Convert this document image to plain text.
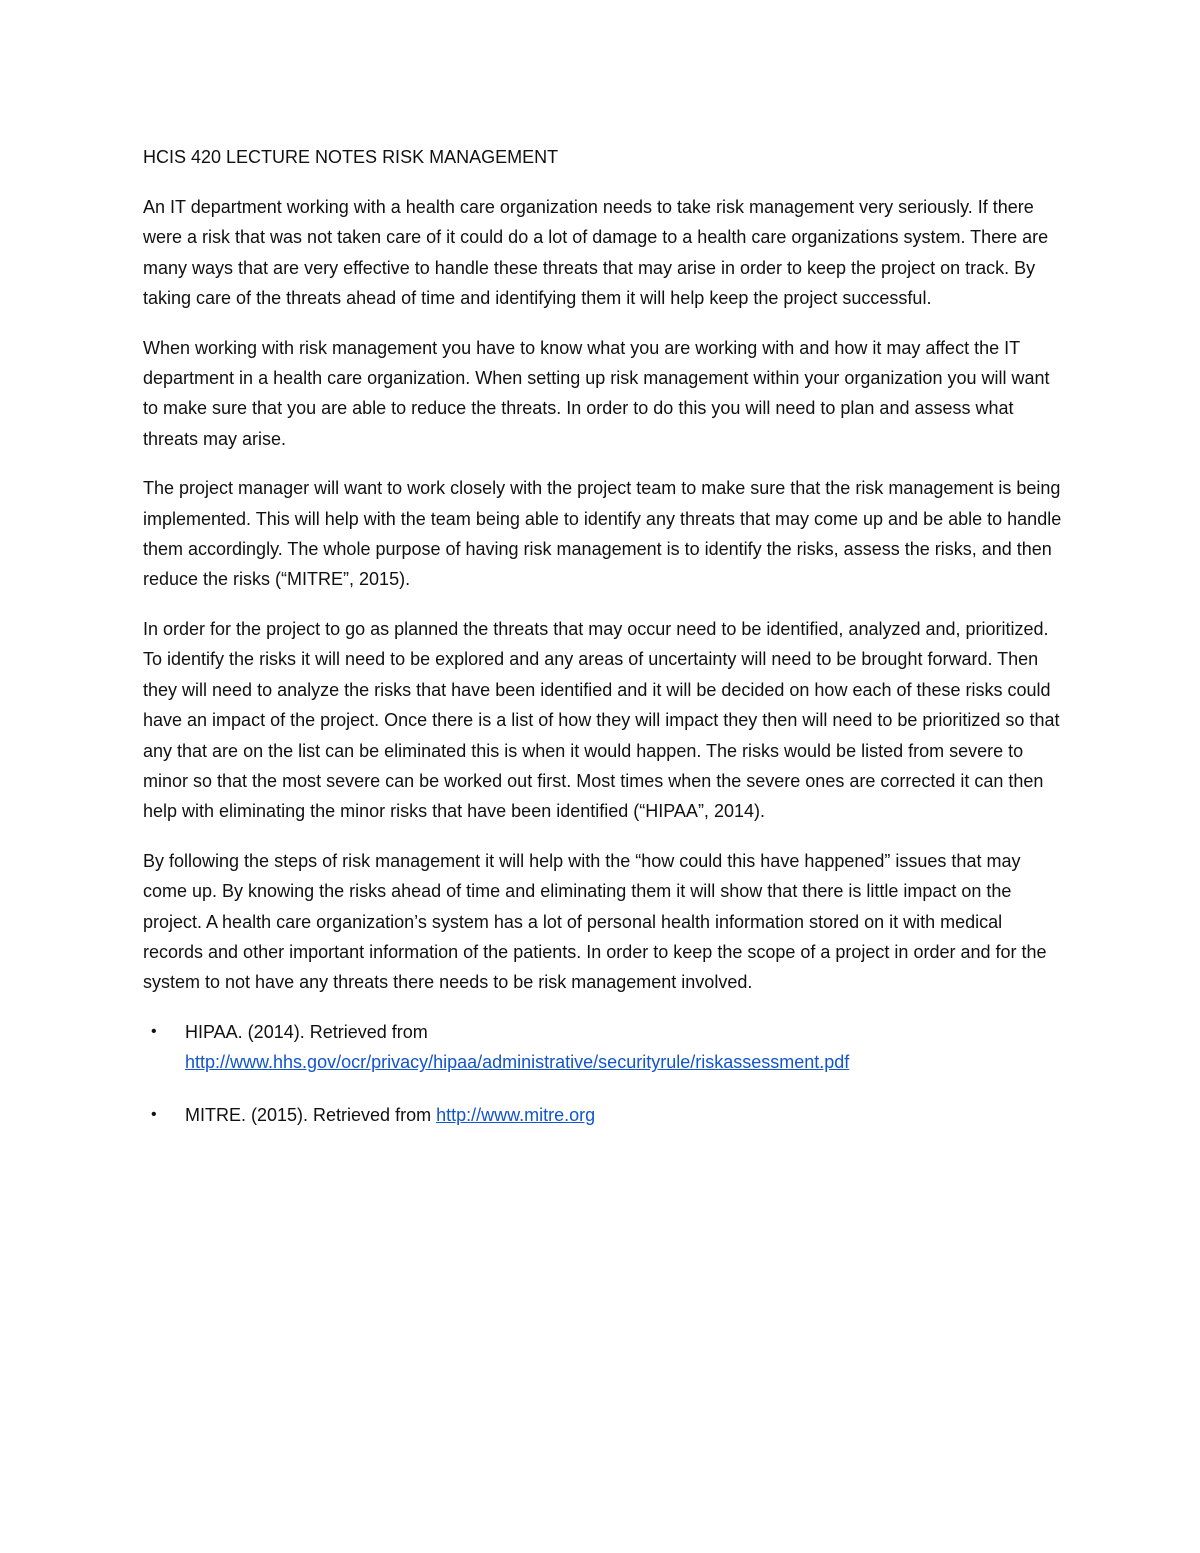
HCIS 420 LECTURE NOTES RISK MANAGEMENT

An IT department working with a health care organization needs to take risk management very seriously. If there were a risk that was not taken care of it could do a lot of damage to a health care organizations system. There are many ways that are very effective to handle these threats that may arise in order to keep the project on track. By taking care of the threats ahead of time and identifying them it will help keep the project successful.

When working with risk management you have to know what you are working with and how it may affect the IT department in a health care organization. When setting up risk management within your organization you will want to make sure that you are able to reduce the threats. In order to do this you will need to plan and assess what threats may arise.

The project manager will want to work closely with the project team to make sure that the risk management is being implemented. This will help with the team being able to identify any threats that may come up and be able to handle them accordingly. The whole purpose of having risk management is to identify the risks, assess the risks, and then reduce the risks (“MITRE”, 2015).

In order for the project to go as planned the threats that may occur need to be identified, analyzed and, prioritized. To identify the risks it will need to be explored and any areas of uncertainty will need to be brought forward. Then they will need to analyze the risks that have been identified and it will be decided on how each of these risks could have an impact of the project. Once there is a list of how they will impact they then will need to be prioritized so that any that are on the list can be eliminated this is when it would happen. The risks would be listed from severe to minor so that the most severe can be worked out first. Most times when the severe ones are corrected it can then help with eliminating the minor risks that have been identified (“HIPAA”, 2014).

By following the steps of risk management it will help with the “how could this have happened” issues that may come up. By knowing the risks ahead of time and eliminating them it will show that there is little impact on the project. A health care organization’s system has a lot of personal health information stored on it with medical records and other important information of the patients. In order to keep the scope of a project in order and for the system to not have any threats there needs to be risk management involved.

• HIPAA. (2014). Retrieved from
http://www.hhs.gov/ocr/privacy/hipaa/administrative/securityrule/riskassessment.pdf
• MITRE. (2015). Retrieved from http://www.mitre.org
